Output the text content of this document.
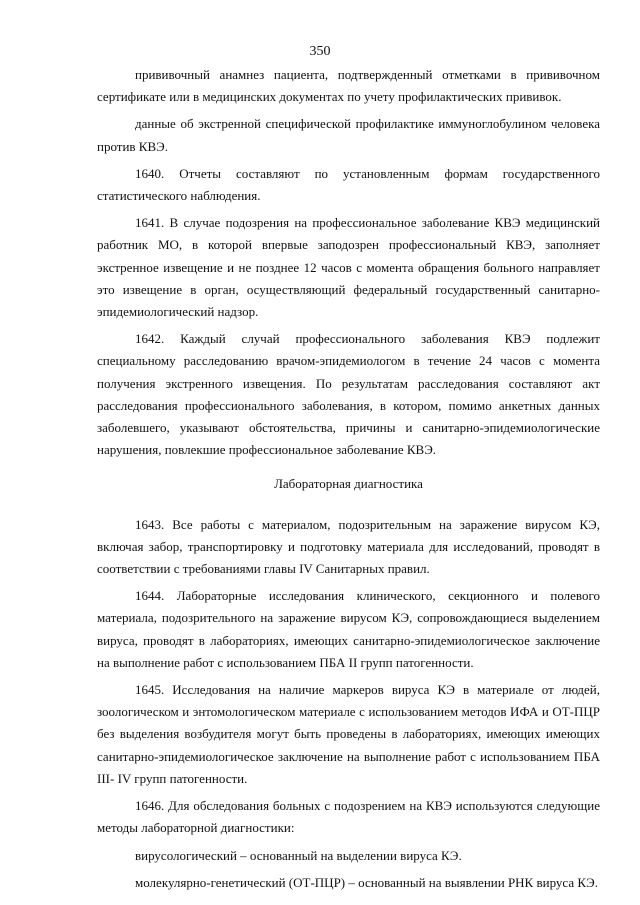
350

прививочный анамнез пациента, подтвержденный отметками в прививочном сертификате или в медицинских документах по учету профилактических прививок.

данные об экстренной специфической профилактике иммуноглобулином человека против КВЭ.

1640. Отчеты составляют по установленным формам государственного статистического наблюдения.

1641. В случае подозрения на профессиональное заболевание КВЭ медицинский работник МО, в которой впервые заподозрен профессиональный КВЭ, заполняет экстренное извещение и не позднее 12 часов с момента обращения больного направляет это извещение в орган, осуществляющий федеральный государственный санитарно-эпидемиологический надзор.

1642. Каждый случай профессионального заболевания КВЭ подлежит специальному расследованию врачом-эпидемиологом в течение 24 часов с момента получения экстренного извещения. По результатам расследования составляют акт расследования профессионального заболевания, в котором, помимо анкетных данных заболевшего, указывают обстоятельства, причины и санитарно-эпидемиологические нарушения, повлекшие профессиональное заболевание КВЭ.

Лабораторная диагностика

1643. Все работы с материалом, подозрительным на заражение вирусом КЭ, включая забор, транспортировку и подготовку материала для исследований, проводят в соответствии с требованиями главы IV Санитарных правил.

1644. Лабораторные исследования клинического, секционного и полевого материала, подозрительного на заражение вирусом КЭ, сопровождающиеся выделением вируса, проводят в лабораториях, имеющих санитарно-эпидемиологическое заключение на выполнение работ с использованием ПБА II групп патогенности.

1645. Исследования на наличие маркеров вируса КЭ в материале от людей, зоологическом и энтомологическом материале с использованием методов ИФА и ОТ-ПЦР без выделения возбудителя могут быть проведены в лабораториях, имеющих имеющих санитарно-эпидемиологическое заключение на выполнение работ с использованием ПБА III- IV групп патогенности.

1646. Для обследования больных с подозрением на КВЭ используются следующие методы лабораторной диагностики:

вирусологический – основанный на выделении вируса КЭ.

молекулярно-генетический (ОТ-ПЦР) – основанный на выявлении РНК вируса КЭ.
